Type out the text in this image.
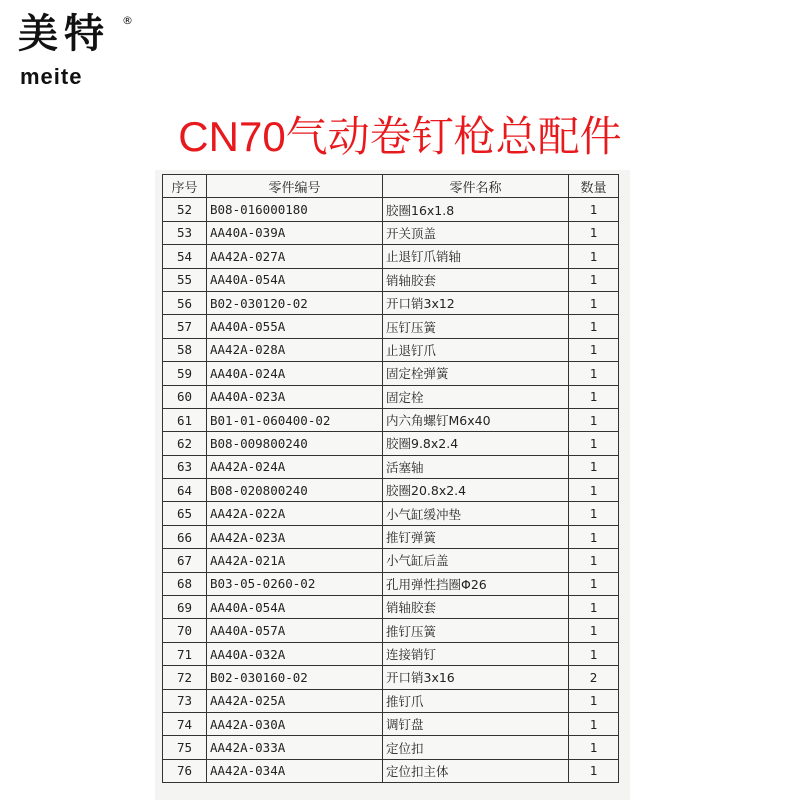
美特	®
meite
CN70气动卷钉枪总配件
序号	零件编号	零件名称	数量
52	B08-016000180	胶圈16x1.8	1
53	AA40A-039A	开关顶盖	1
54	AA42A-027A	止退钉爪销轴	1
55	AA40A-054A	销轴胶套	1
56	B02-030120-02	开口销3x12	1
57	AA40A-055A	压钉压簧	1
58	AA42A-028A	止退钉爪	1
59	AA40A-024A	固定栓弹簧	1
60	AA40A-023A	固定栓	1
61	B01-01-060400-02	内六角螺钉M6x40	1
62	B08-009800240	胶圈9.8x2.4	1
63	AA42A-024A	活塞轴	1
64	B08-020800240	胶圈20.8x2.4	1
65	AA42A-022A	小气缸缓冲垫	1
66	AA42A-023A	推钉弹簧	1
67	AA42A-021A	小气缸后盖	1
68	B03-05-0260-02	孔用弹性挡圈Φ26	1
69	AA40A-054A	销轴胶套	1
70	AA40A-057A	推钉压簧	1
71	AA40A-032A	连接销钉	1
72	B02-030160-02	开口销3x16	2
73	AA42A-025A	推钉爪	1
74	AA42A-030A	调钉盘	1
75	AA42A-033A	定位扣	1
76	AA42A-034A	定位扣主体	1
